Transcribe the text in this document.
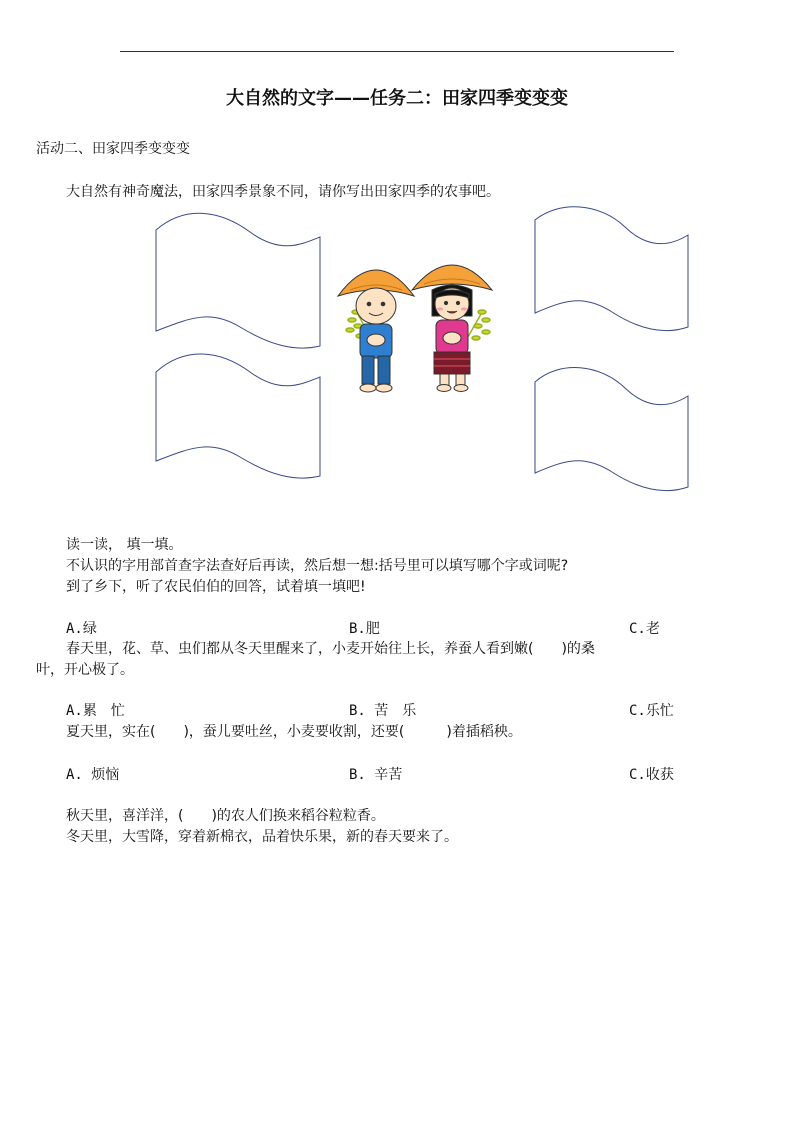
大自然的文字——任务二：田家四季变变变
活动二、田家四季变变变
大自然有神奇魔法，田家四季景象不同，请你写出田家四季的农事吧。
读一读， 填一填。
不认识的字用部首查字法查好后再读，然后想一想:括号里可以填写哪个字或词呢?
到了乡下，听了农民伯伯的回答，试着填一填吧!
A.绿	B.肥	C.老
春天里，花、草、虫们都从冬天里醒来了，小麦开始往上长，养蚕人看到嫩(　　)的桑
叶，开心极了。
A.累　忙	B. 苦　乐	C.乐忙
夏天里，实在(　　)，蚕儿要吐丝，小麦要收割，还要(　　　)着插稻秧。
A. 烦恼	B. 辛苦	C.收获
秋天里，喜洋洋，(　　)的农人们换来稻谷粒粒香。
冬天里，大雪降，穿着新棉衣，品着快乐果，新的春天要来了。
